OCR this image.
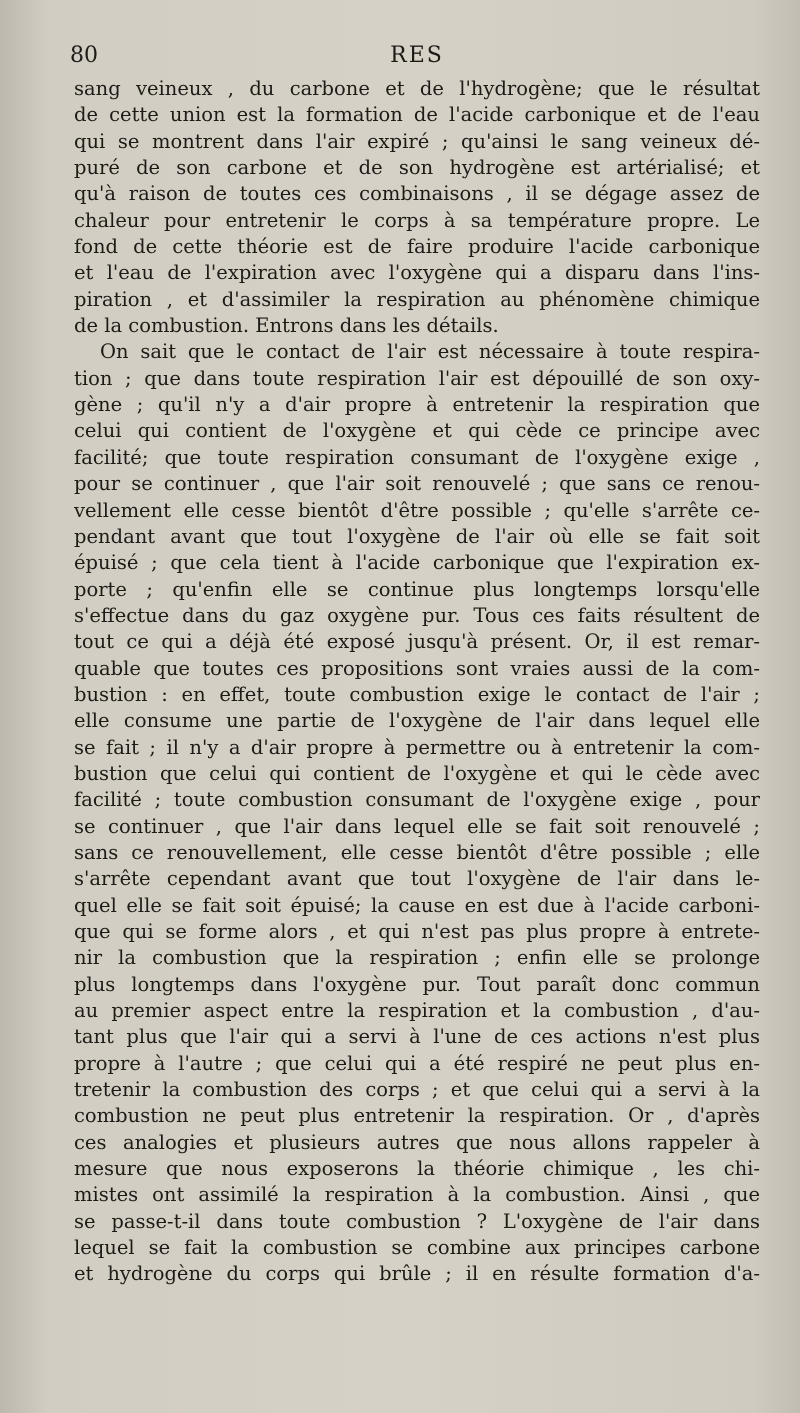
80	RES
sang veineux , du carbone et de l'hydrogène; que le résultat
de cette union est la formation de l'acide carbonique et de l'eau
qui se montrent dans l'air expiré ; qu'ainsi le sang veineux dé-
puré de son carbone et de son hydrogène est artérialisé; et
qu'à raison de toutes ces combinaisons , il se dégage assez de
chaleur pour entretenir le corps à sa température propre. Le
fond de cette théorie est de faire produire l'acide carbonique
et l'eau de l'expiration avec l'oxygène qui a disparu dans l'ins-
piration , et d'assimiler la respiration au phénomène chimique
de la combustion. Entrons dans les détails.
On sait que le contact de l'air est nécessaire à toute respira-
tion ; que dans toute respiration l'air est dépouillé de son oxy-
gène ; qu'il n'y a d'air propre à entretenir la respiration que
celui qui contient de l'oxygène et qui cède ce principe avec
facilité; que toute respiration consumant de l'oxygène exige ,
pour se continuer , que l'air soit renouvelé ; que sans ce renou-
vellement elle cesse bientôt d'être possible ; qu'elle s'arrête ce-
pendant avant que tout l'oxygène de l'air où elle se fait soit
épuisé ; que cela tient à l'acide carbonique que l'expiration ex-
porte ; qu'enfin elle se continue plus longtemps lorsqu'elle
s'effectue dans du gaz oxygène pur. Tous ces faits résultent de
tout ce qui a déjà été exposé jusqu'à présent. Or, il est remar-
quable que toutes ces propositions sont vraies aussi de la com-
bustion : en effet, toute combustion exige le contact de l'air ;
elle consume une partie de l'oxygène de l'air dans lequel elle
se fait ; il n'y a d'air propre à permettre ou à entretenir la com-
bustion que celui qui contient de l'oxygène et qui le cède avec
facilité ; toute combustion consumant de l'oxygène exige , pour
se continuer , que l'air dans lequel elle se fait soit renouvelé ;
sans ce renouvellement, elle cesse bientôt d'être possible ; elle
s'arrête cependant avant que tout l'oxygène de l'air dans le-
quel elle se fait soit épuisé; la cause en est due à l'acide carboni-
que qui se forme alors , et qui n'est pas plus propre à entrete-
nir la combustion que la respiration ; enfin elle se prolonge
plus longtemps dans l'oxygène pur. Tout paraît donc commun
au premier aspect entre la respiration et la combustion , d'au-
tant plus que l'air qui a servi à l'une de ces actions n'est plus
propre à l'autre ; que celui qui a été respiré ne peut plus en-
tretenir la combustion des corps ; et que celui qui a servi à la
combustion ne peut plus entretenir la respiration. Or , d'après
ces analogies et plusieurs autres que nous allons rappeler à
mesure que nous exposerons la théorie chimique , les chi-
mistes ont assimilé la respiration à la combustion. Ainsi , que
se passe-t-il dans toute combustion ? L'oxygène de l'air dans
lequel se fait la combustion se combine aux principes carbone
et hydrogène du corps qui brûle ; il en résulte formation d'a-
